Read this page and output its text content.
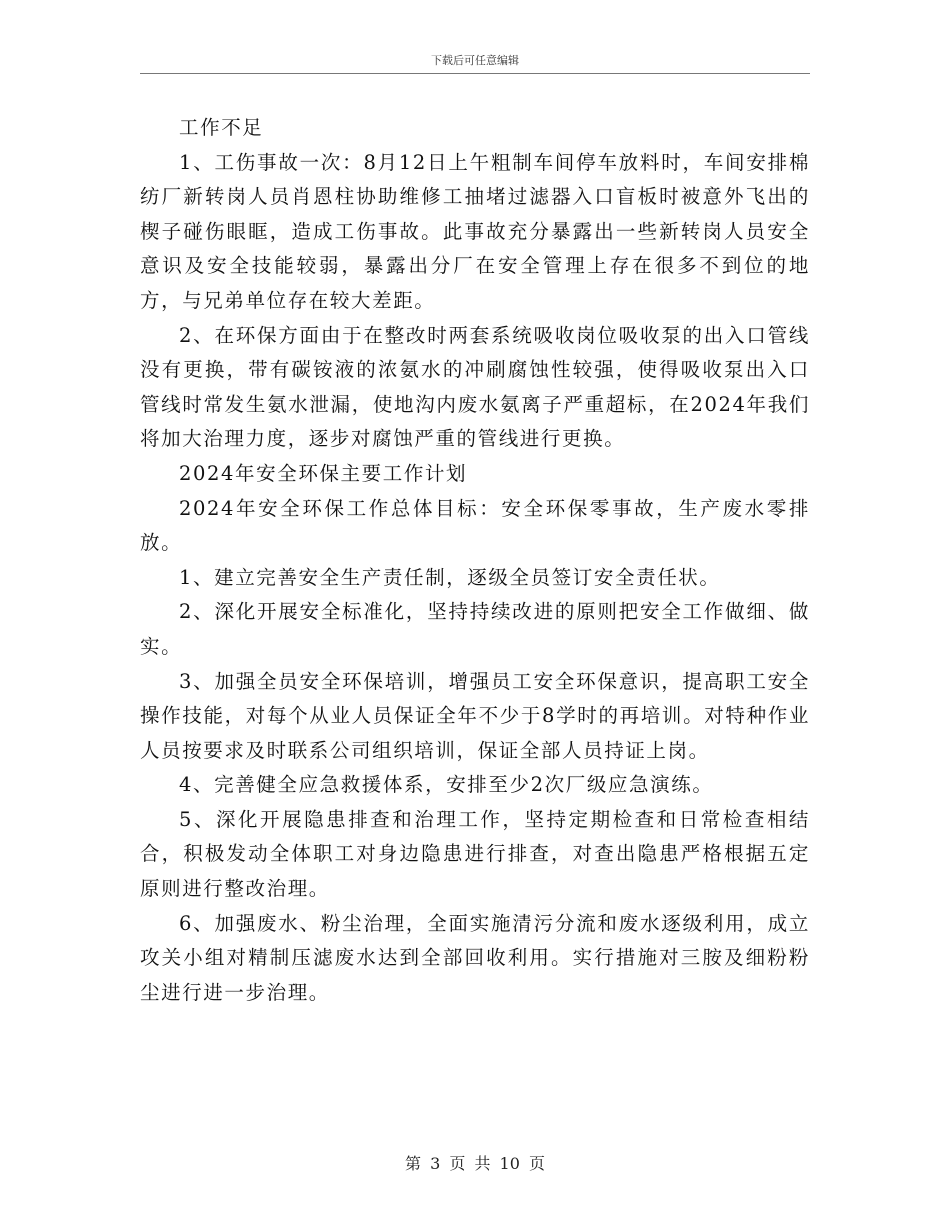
下载后可任意编辑

工作不足

1、工伤事故一次：8月12日上午粗制车间停车放料时，车间安排棉纺厂新转岗人员肖恩柱协助维修工抽堵过滤器入口盲板时被意外飞出的楔子碰伤眼眶，造成工伤事故。此事故充分暴露出一些新转岗人员安全意识及安全技能较弱，暴露出分厂在安全管理上存在很多不到位的地方，与兄弟单位存在较大差距。

2、在环保方面由于在整改时两套系统吸收岗位吸收泵的出入口管线没有更换，带有碳铵液的浓氨水的冲刷腐蚀性较强，使得吸收泵出入口管线时常发生氨水泄漏，使地沟内废水氨离子严重超标，在2024年我们将加大治理力度，逐步对腐蚀严重的管线进行更换。

2024年安全环保主要工作计划

2024年安全环保工作总体目标：安全环保零事故，生产废水零排放。

1、建立完善安全生产责任制，逐级全员签订安全责任状。

2、深化开展安全标准化，坚持持续改进的原则把安全工作做细、做实。

3、加强全员安全环保培训，增强员工安全环保意识，提高职工安全操作技能，对每个从业人员保证全年不少于8学时的再培训。对特种作业人员按要求及时联系公司组织培训，保证全部人员持证上岗。

4、完善健全应急救援体系，安排至少2次厂级应急演练。

5、深化开展隐患排查和治理工作，坚持定期检查和日常检查相结合，积极发动全体职工对身边隐患进行排查，对查出隐患严格根据五定原则进行整改治理。

6、加强废水、粉尘治理，全面实施清污分流和废水逐级利用，成立攻关小组对精制压滤废水达到全部回收利用。实行措施对三胺及细粉粉尘进行进一步治理。

第 3 页 共 10 页
